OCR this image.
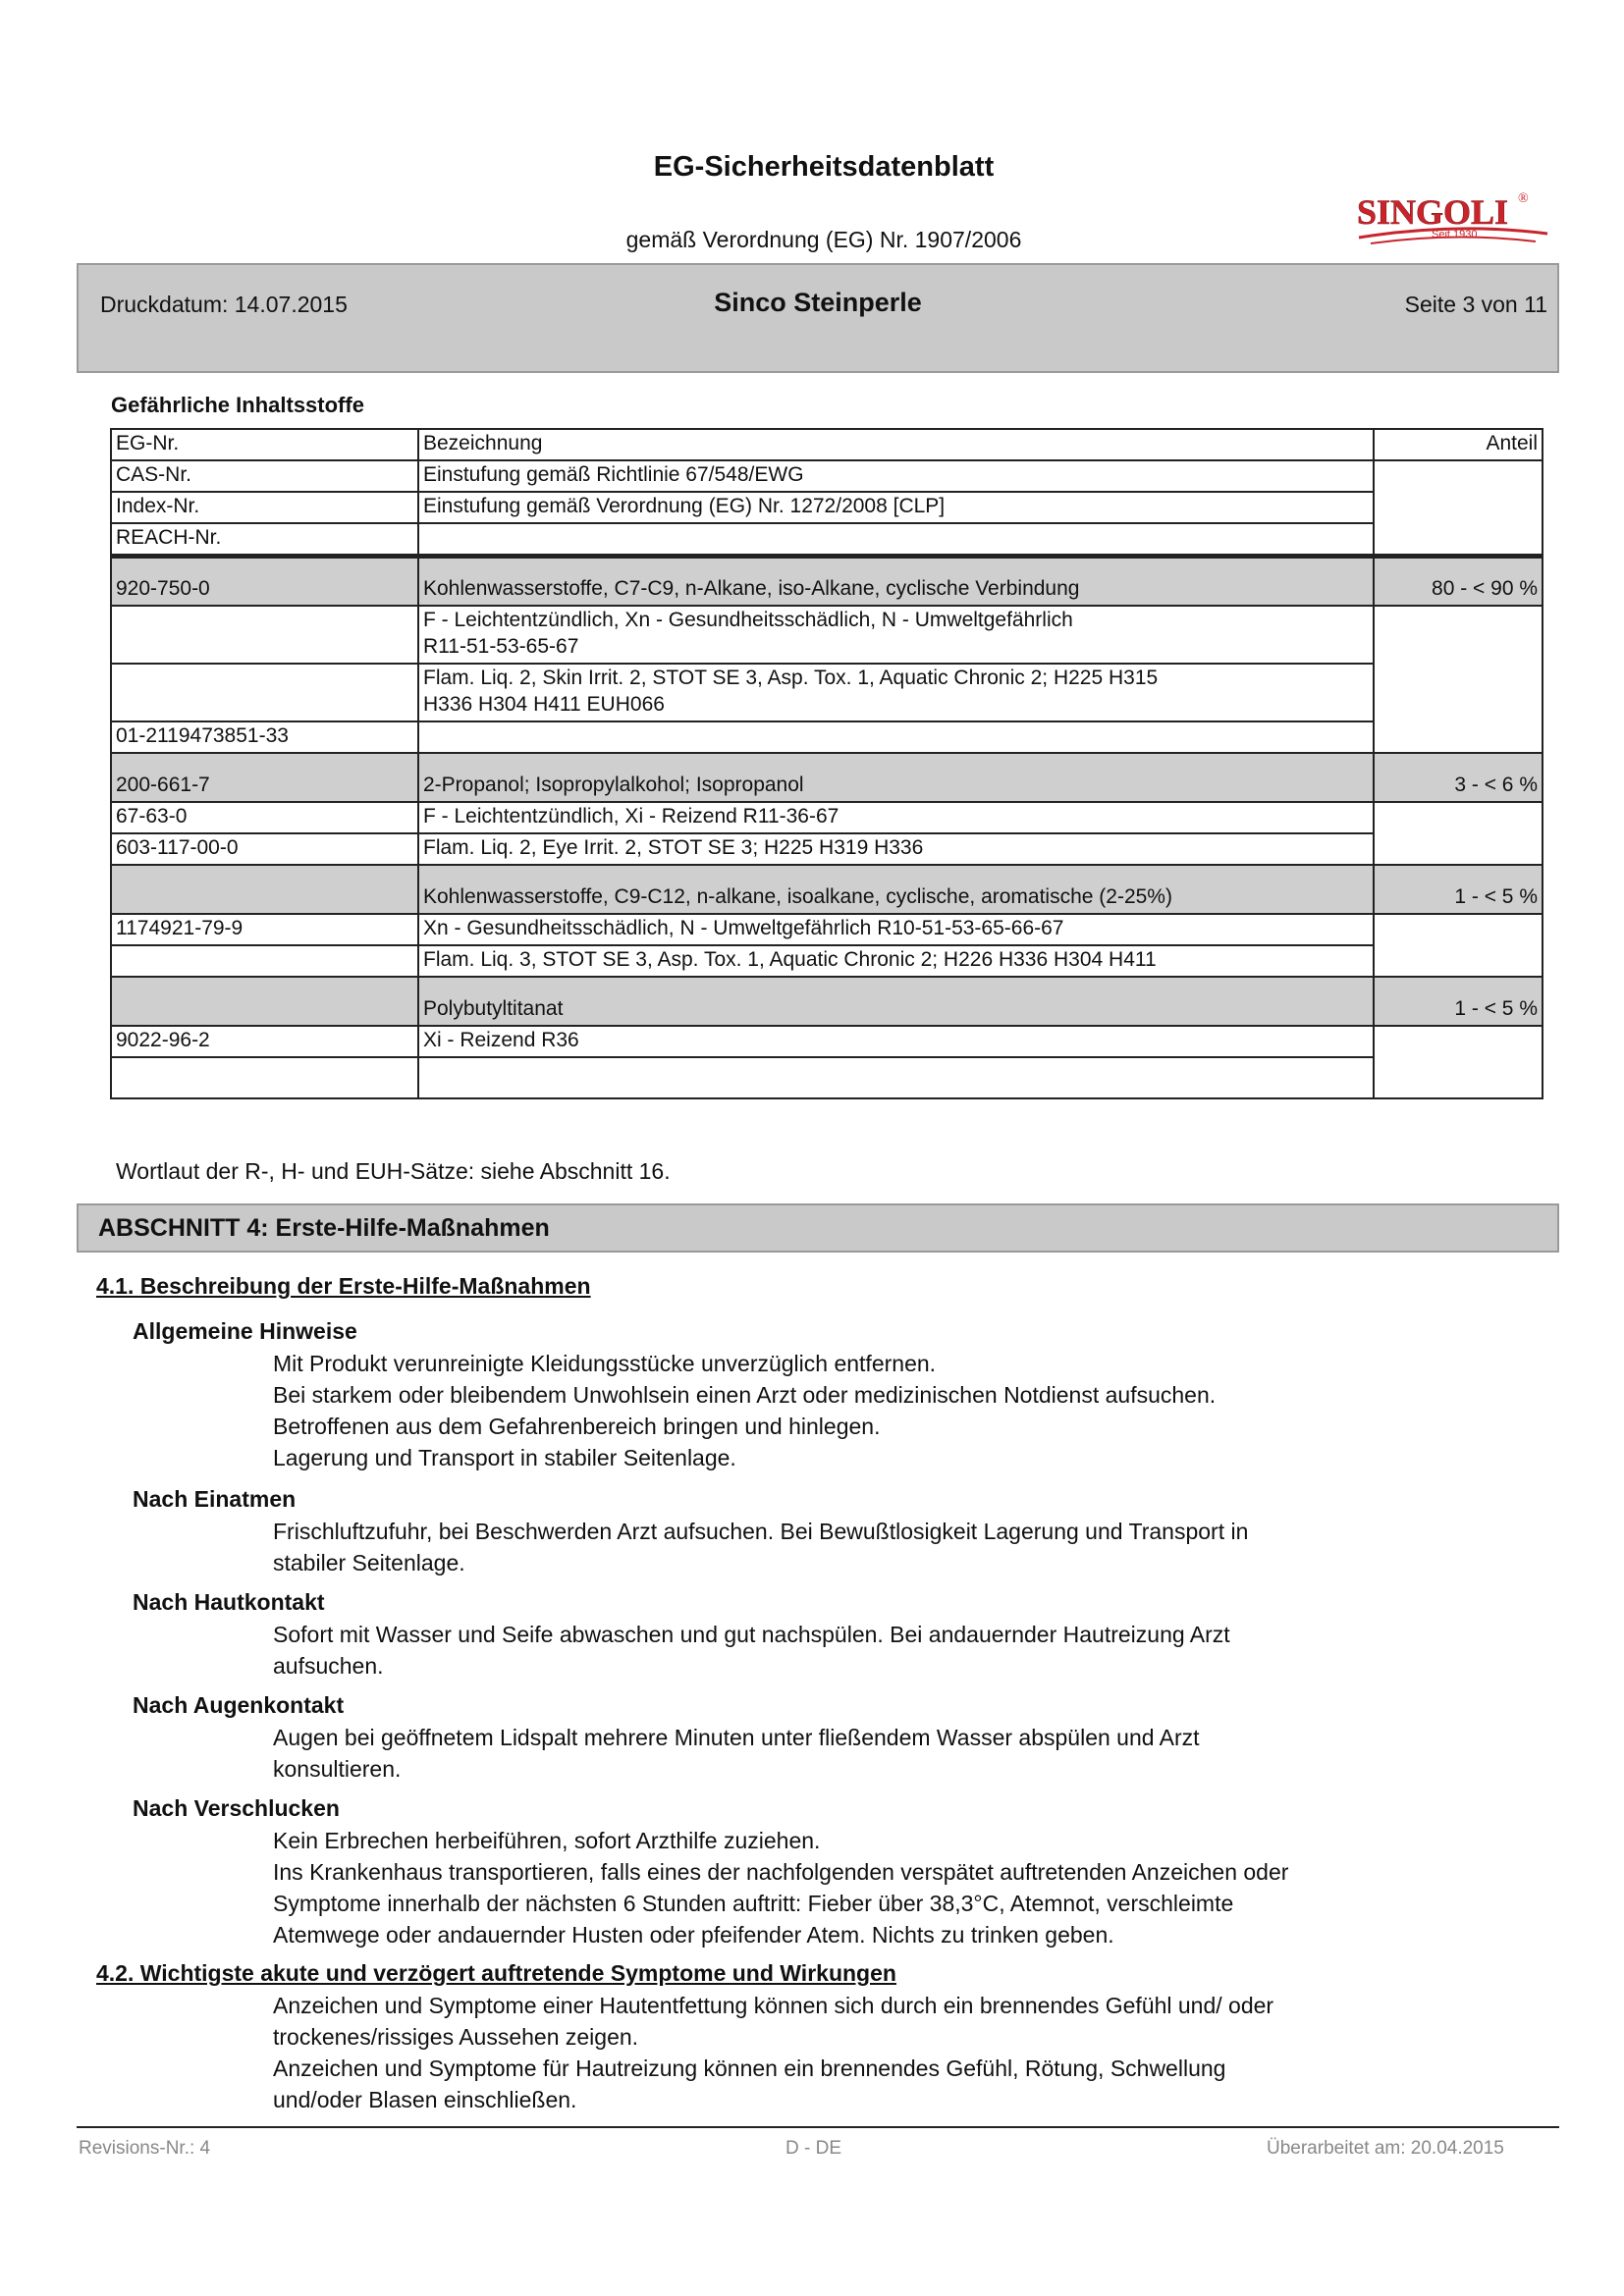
EG-Sicherheitsdatenblatt
gemäß Verordnung (EG) Nr. 1907/2006
SINGOLI ®
Seit 1930
Druckdatum: 14.07.2015	Sinco Steinperle	Seite 3 von 11
Gefährliche Inhaltsstoffe
EG-Nr.	Bezeichnung	Anteil
CAS-Nr.	Einstufung gemäß Richtlinie 67/548/EWG	
Index-Nr.	Einstufung gemäß Verordnung (EG) Nr. 1272/2008 [CLP]	
REACH-Nr.		
920-750-0	Kohlenwasserstoffe, C7-C9, n-Alkane, iso-Alkane, cyclische Verbindung	80 - < 90 %
	F - Leichtentzündlich, Xn - Gesundheitsschädlich, N - Umweltgefährlich
R11-51-53-65-67	
	Flam. Liq. 2, Skin Irrit. 2, STOT SE 3, Asp. Tox. 1, Aquatic Chronic 2; H225 H315
H336 H304 H411 EUH066	
01-2119473851-33		
200-661-7	2-Propanol; Isopropylalkohol; Isopropanol	3 - < 6 %
67-63-0	F - Leichtentzündlich, Xi - Reizend R11-36-67	
603-117-00-0	Flam. Liq. 2, Eye Irrit. 2, STOT SE 3; H225 H319 H336	
	Kohlenwasserstoffe, C9-C12, n-alkane, isoalkane, cyclische, aromatische (2-25%)	1 - < 5 %
1174921-79-9	Xn - Gesundheitsschädlich, N - Umweltgefährlich R10-51-53-65-66-67	
	Flam. Liq. 3, STOT SE 3, Asp. Tox. 1, Aquatic Chronic 2; H226 H336 H304 H411	
	Polybutyltitanat	1 - < 5 %
9022-96-2	Xi - Reizend R36	

Wortlaut der R-, H- und EUH-Sätze: siehe Abschnitt 16.
ABSCHNITT 4: Erste-Hilfe-Maßnahmen
4.1. Beschreibung der Erste-Hilfe-Maßnahmen
Allgemeine Hinweise
Mit Produkt verunreinigte Kleidungsstücke unverzüglich entfernen.
Bei starkem oder bleibendem Unwohlsein einen Arzt oder medizinischen Notdienst aufsuchen.
Betroffenen aus dem Gefahrenbereich bringen und hinlegen.
Lagerung und Transport in stabiler Seitenlage.
Nach Einatmen
Frischluftzufuhr, bei Beschwerden Arzt aufsuchen. Bei Bewußtlosigkeit Lagerung und Transport in
stabiler Seitenlage.
Nach Hautkontakt
Sofort mit Wasser und Seife abwaschen und gut nachspülen. Bei andauernder Hautreizung Arzt
aufsuchen.
Nach Augenkontakt
Augen bei geöffnetem Lidspalt mehrere Minuten unter fließendem Wasser abspülen und Arzt
konsultieren.
Nach Verschlucken
Kein Erbrechen herbeiführen, sofort Arzthilfe zuziehen.
Ins Krankenhaus transportieren, falls eines der nachfolgenden verspätet auftretenden Anzeichen oder
Symptome innerhalb der nächsten 6 Stunden auftritt: Fieber über 38,3°C, Atemnot, verschleimte
Atemwege oder andauernder Husten oder pfeifender Atem. Nichts zu trinken geben.
4.2. Wichtigste akute und verzögert auftretende Symptome und Wirkungen
Anzeichen und Symptome einer Hautentfettung können sich durch ein brennendes Gefühl und/ oder
trockenes/rissiges Aussehen zeigen.
Anzeichen und Symptome für Hautreizung können ein brennendes Gefühl, Rötung, Schwellung
und/oder Blasen einschließen.
Revisions-Nr.: 4	D - DE	Überarbeitet am: 20.04.2015
